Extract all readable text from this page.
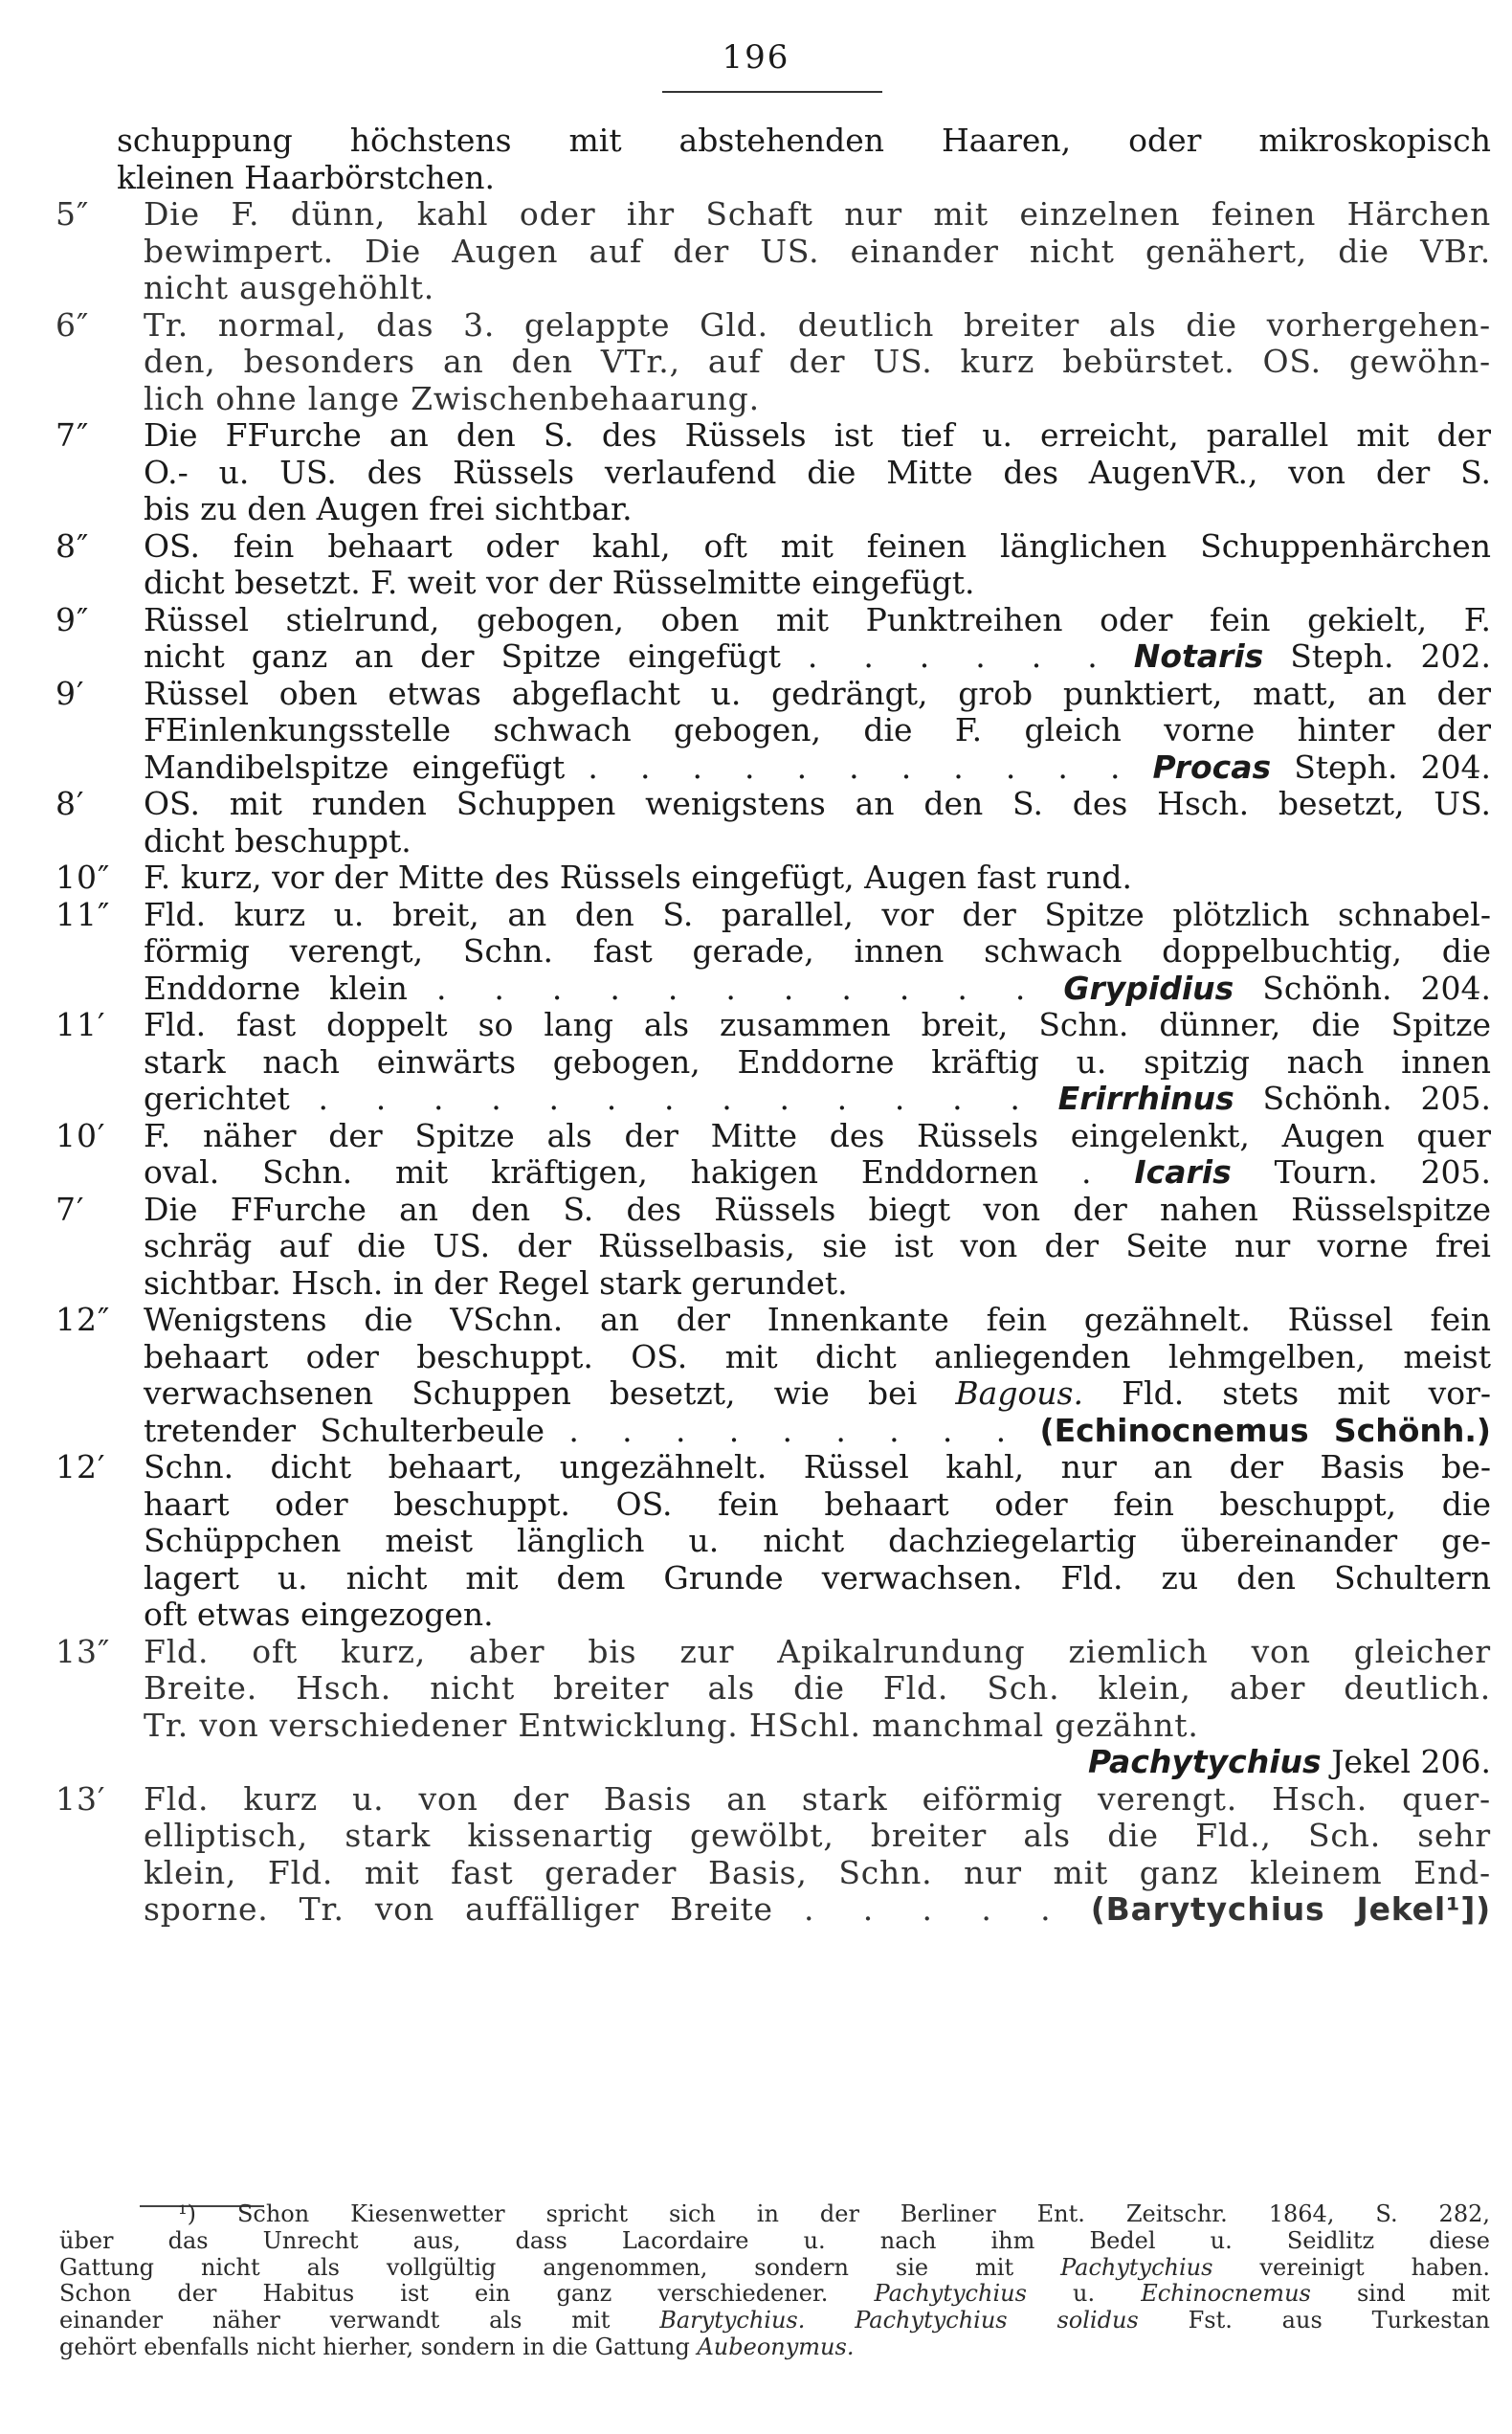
196
schuppung höchstens mit abstehenden Haaren, oder mikroskopisch
kleinen Haarbörstchen.
5″ Die F. dünn, kahl oder ihr Schaft nur mit einzelnen feinen Härchen
bewimpert. Die Augen auf der US. einander nicht genähert, die VBr.
nicht ausgehöhlt.
6″ Tr. normal, das 3. gelappte Gld. deutlich breiter als die vorhergehen-
den, besonders an den VTr., auf der US. kurz bebürstet. OS. gewöhn-
lich ohne lange Zwischenbehaarung.
7″ Die FFurche an den S. des Rüssels ist tief u. erreicht, parallel mit der
O.- u. US. des Rüssels verlaufend die Mitte des AugenVR., von der S.
bis zu den Augen frei sichtbar.
8″ OS. fein behaart oder kahl, oft mit feinen länglichen Schuppenhärchen
dicht besetzt. F. weit vor der Rüsselmitte eingefügt.
9″ Rüssel stielrund, gebogen, oben mit Punktreihen oder fein gekielt, F.
nicht ganz an der Spitze eingefügt . . . . . . Notaris Steph. 202.
9′ Rüssel oben etwas abgeflacht u. gedrängt, grob punktiert, matt, an der
FEinlenkungsstelle schwach gebogen, die F. gleich vorne hinter der
Mandibelspitze eingefügt . . . . . . . . . . . Procas Steph. 204.
8′ OS. mit runden Schuppen wenigstens an den S. des Hsch. besetzt, US.
dicht beschuppt.
10″ F. kurz, vor der Mitte des Rüssels eingefügt, Augen fast rund.
11″ Fld. kurz u. breit, an den S. parallel, vor der Spitze plötzlich schnabel-
förmig verengt, Schn. fast gerade, innen schwach doppelbuchtig, die
Enddorne klein . . . . . . . . . . . Grypidius Schönh. 204.
11′ Fld. fast doppelt so lang als zusammen breit, Schn. dünner, die Spitze
stark nach einwärts gebogen, Enddorne kräftig u. spitzig nach innen
gerichtet . . . . . . . . . . . . . Erirrhinus Schönh. 205.
10′ F. näher der Spitze als der Mitte des Rüssels eingelenkt, Augen quer
oval. Schn. mit kräftigen, hakigen Enddornen . Icaris Tourn. 205.
7′ Die FFurche an den S. des Rüssels biegt von der nahen Rüsselspitze
schräg auf die US. der Rüsselbasis, sie ist von der Seite nur vorne frei
sichtbar. Hsch. in der Regel stark gerundet.
12″ Wenigstens die VSchn. an der Innenkante fein gezähnelt. Rüssel fein
behaart oder beschuppt. OS. mit dicht anliegenden lehmgelben, meist
verwachsenen Schuppen besetzt, wie bei Bagous. Fld. stets mit vor-
tretender Schulterbeule . . . . . . . . . (Echinocnemus Schönh.)
12′ Schn. dicht behaart, ungezähnelt. Rüssel kahl, nur an der Basis be-
haart oder beschuppt. OS. fein behaart oder fein beschuppt, die
Schüppchen meist länglich u. nicht dachziegelartig übereinander ge-
lagert u. nicht mit dem Grunde verwachsen. Fld. zu den Schultern
oft etwas eingezogen.
13″ Fld. oft kurz, aber bis zur Apikalrundung ziemlich von gleicher
Breite. Hsch. nicht breiter als die Fld. Sch. klein, aber deutlich.
Tr. von verschiedener Entwicklung. HSchl. manchmal gezähnt.
Pachytychius Jekel 206.
13′ Fld. kurz u. von der Basis an stark eiförmig verengt. Hsch. quer-
elliptisch, stark kissenartig gewölbt, breiter als die Fld., Sch. sehr
klein, Fld. mit fast gerader Basis, Schn. nur mit ganz kleinem End-
sporne. Tr. von auffälliger Breite . . . . . (Barytychius Jekel¹])
¹) Schon Kiesenwetter spricht sich in der Berliner Ent. Zeitschr. 1864, S. 282,
über das Unrecht aus, dass Lacordaire u. nach ihm Bedel u. Seidlitz diese
Gattung nicht als vollgültig angenommen, sondern sie mit Pachytychius vereinigt haben.
Schon der Habitus ist ein ganz verschiedener. Pachytychius u. Echinocnemus sind mit
einander näher verwandt als mit Barytychius. Pachytychius solidus Fst. aus Turkestan
gehört ebenfalls nicht hierher, sondern in die Gattung Aubeonymus.
